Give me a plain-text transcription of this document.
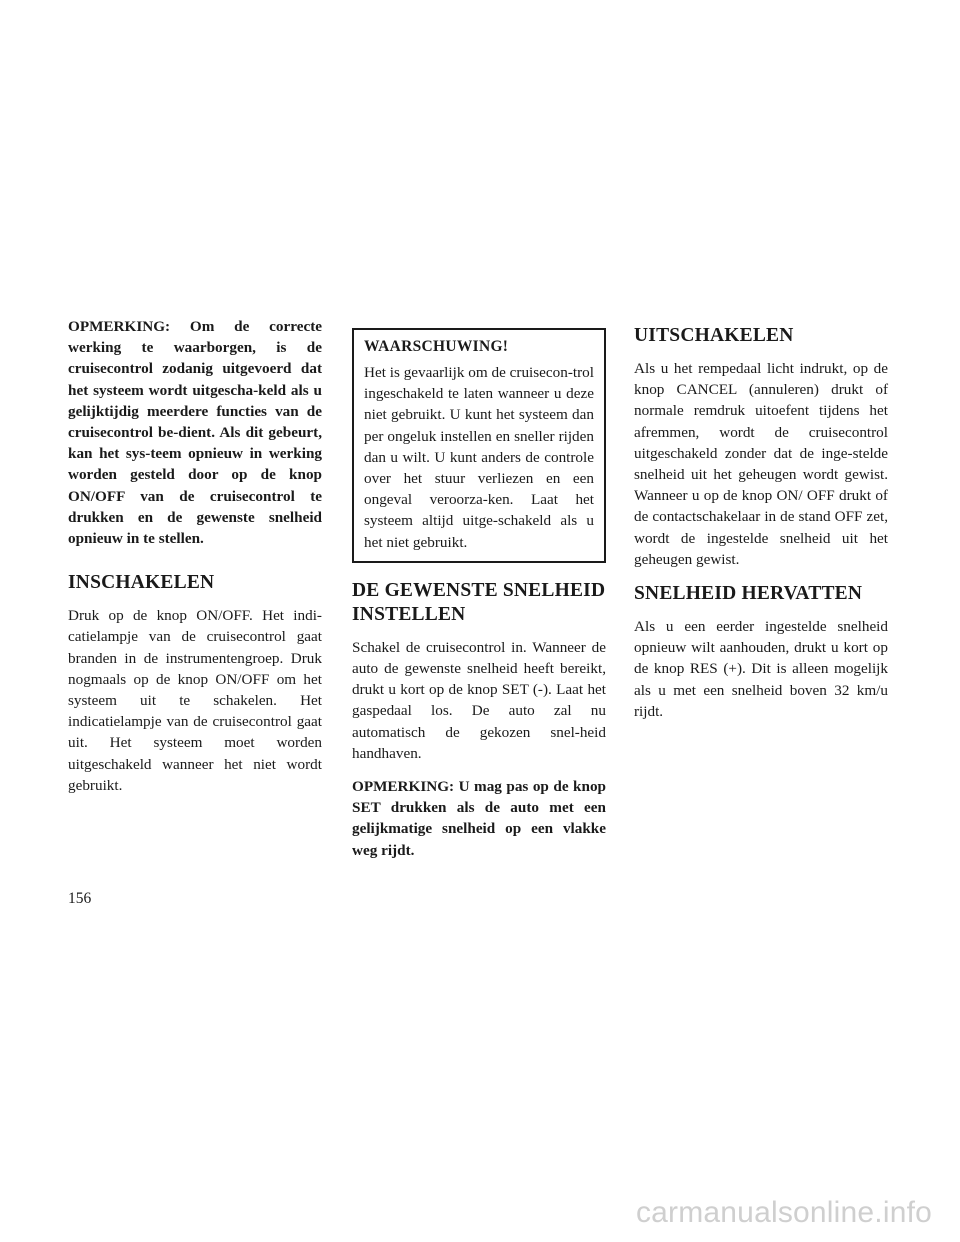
OPMERKING: Om de correcte werking te waarborgen, is de cruisecontrol zodanig uitgevoerd dat het systeem wordt uitgescha-keld als u gelijktijdig meerdere functies van de cruisecontrol be-dient. Als dit gebeurt, kan het sys-teem opnieuw in werking worden gesteld door op de knop ON/OFF van de cruisecontrol te drukken en de gewenste snelheid opnieuw in te stellen.

INSCHAKELEN

Druk op de knop ON/OFF. Het indi-catielampje van de cruisecontrol gaat branden in de instrumentengroep. Druk nogmaals op de knop ON/OFF om het systeem uit te schakelen. Het indicatielampje van de cruisecontrol gaat uit. Het systeem moet worden uitgeschakeld wanneer het niet wordt gebruikt.

WAARSCHUWING!

Het is gevaarlijk om de cruisecon-trol ingeschakeld te laten wanneer u deze niet gebruikt. U kunt het systeem dan per ongeluk instellen en sneller rijden dan u wilt. U kunt anders de controle over het stuur verliezen en een ongeval veroorza-ken. Laat het systeem altijd uitge-schakeld als u het niet gebruikt.

DE GEWENSTE SNELHEID INSTELLEN

Schakel de cruisecontrol in. Wanneer de auto de gewenste snelheid heeft bereikt, drukt u kort op de knop SET (-). Laat het gaspedaal los. De auto zal nu automatisch de gekozen snel-heid handhaven.

OPMERKING: U mag pas op de knop SET drukken als de auto met een gelijkmatige snelheid op een vlakke weg rijdt.

UITSCHAKELEN

Als u het rempedaal licht indrukt, op de knop CANCEL (annuleren) drukt of normale remdruk uitoefent tijdens het afremmen, wordt de cruisecontrol uitgeschakeld zonder dat de inge-stelde snelheid uit het geheugen wordt gewist. Wanneer u op de knop ON/ OFF drukt of de contactschakelaar in de stand OFF zet, wordt de ingestelde snelheid uit het geheugen gewist.

SNELHEID HERVATTEN

Als u een eerder ingestelde snelheid opnieuw wilt aanhouden, drukt u kort op de knop RES (+). Dit is alleen mogelijk als u met een snelheid boven 32 km/u rijdt.

156

carmanualsonline.info
